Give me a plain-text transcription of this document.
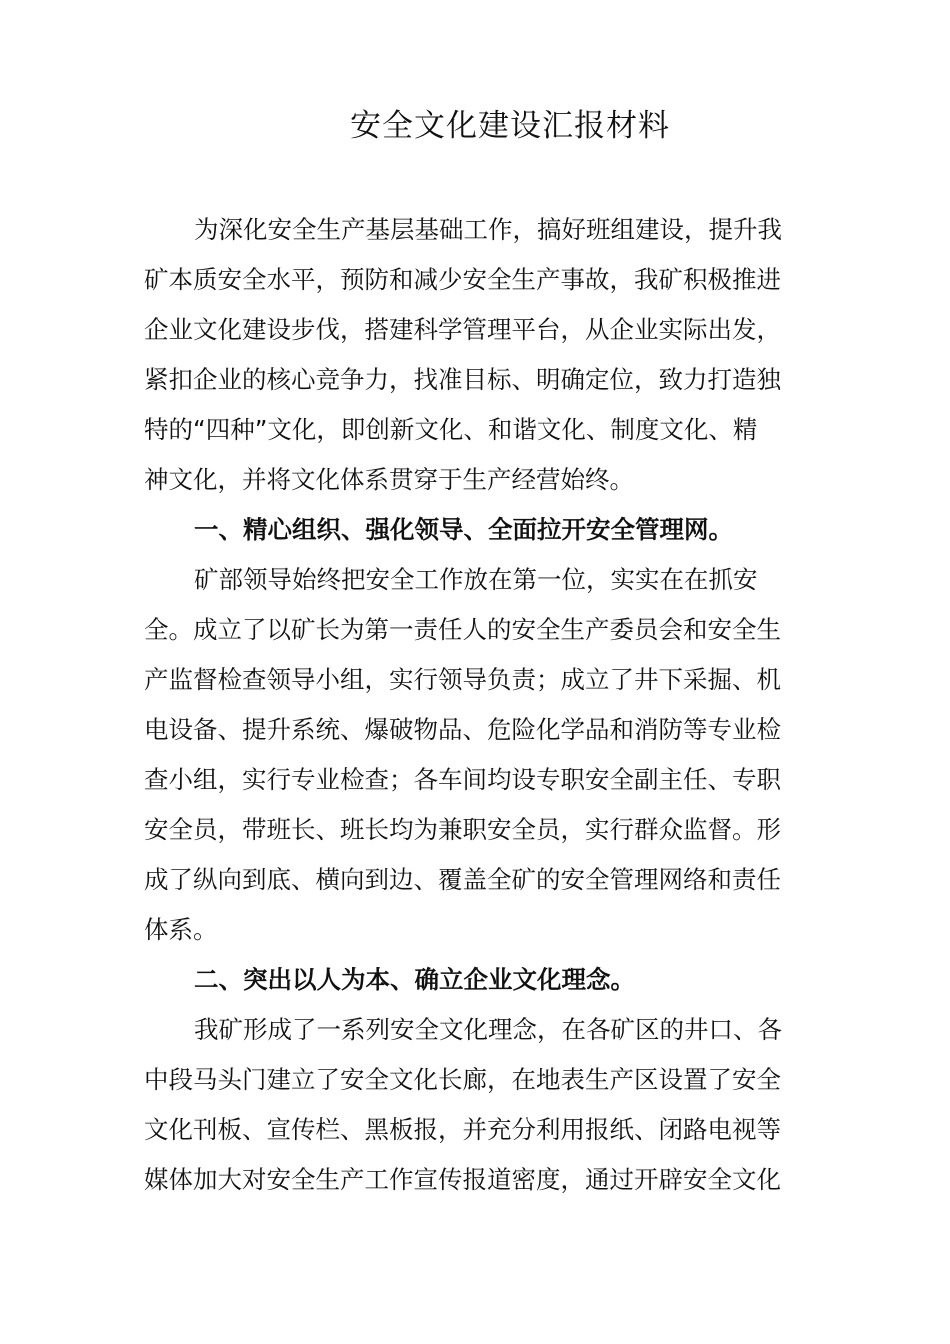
安全文化建设汇报材料
为深化安全生产基层基础工作，搞好班组建设，提升我
矿本质安全水平，预防和减少安全生产事故，我矿积极推进
企业文化建设步伐，搭建科学管理平台，从企业实际出发，
紧扣企业的核心竞争力，找准目标、明确定位，致力打造独
特的“四种”文化，即创新文化、和谐文化、制度文化、精
神文化，并将文化体系贯穿于生产经营始终。
一、精心组织、强化领导、全面拉开安全管理网。
矿部领导始终把安全工作放在第一位，实实在在抓安
全。成立了以矿长为第一责任人的安全生产委员会和安全生
产监督检查领导小组，实行领导负责；成立了井下采掘、机
电设备、提升系统、爆破物品、危险化学品和消防等专业检
查小组，实行专业检查；各车间均设专职安全副主任、专职
安全员，带班长、班长均为兼职安全员，实行群众监督。形
成了纵向到底、横向到边、覆盖全矿的安全管理网络和责任
体系。
二、突出以人为本、确立企业文化理念。
我矿形成了一系列安全文化理念，在各矿区的井口、各
中段马头门建立了安全文化长廊，在地表生产区设置了安全
文化刊板、宣传栏、黑板报，并充分利用报纸、闭路电视等
媒体加大对安全生产工作宣传报道密度，通过开辟安全文化
